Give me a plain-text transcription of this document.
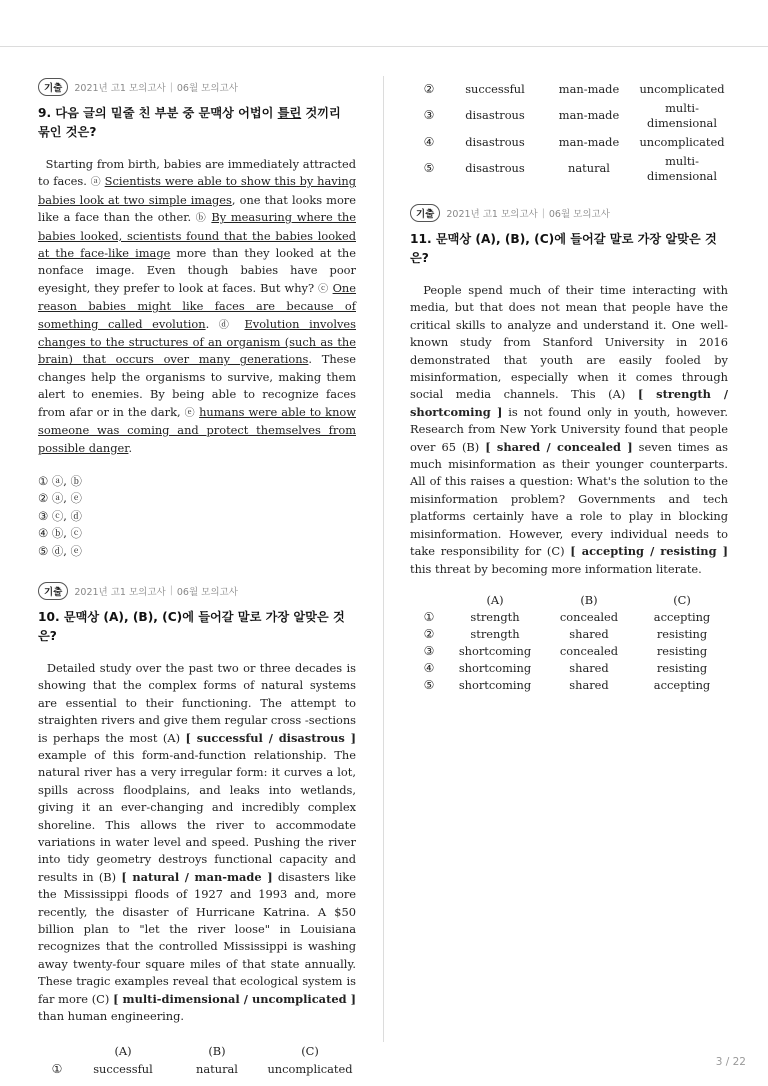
기출	2021년 고1 모의고사 | 06월 모의고사
9. 다음 글의 밑줄 친 부분 중 문맥상 어법이 틀린 것끼리 묶인 것은?

Starting from birth, babies are immediately attracted to faces. ⓐ Scientists were able to show this by having babies look at two simple images, one that looks more like a face than the other. ⓑ By measuring where the babies looked, scientists found that the babies looked at the face-like image more than they looked at the nonface image. Even though babies have poor eyesight, they prefer to look at faces. But why? ⓒ One reason babies might like faces are because of something called evolution. ⓓ Evolution involves changes to the structures of an organism (such as the brain) that occurs over many generations. These changes help the organisms to survive, making them alert to enemies. By being able to recognize faces from afar or in the dark, ⓔ humans were able to know someone was coming and protect themselves from possible danger.

① ⓐ, ⓑ
② ⓐ, ⓔ
③ ⓒ, ⓓ
④ ⓑ, ⓒ
⑤ ⓓ, ⓔ
기출	2021년 고1 모의고사 | 06월 모의고사
10. 문맥상 (A), (B), (C)에 들어갈 말로 가장 알맞은 것은?

Detailed study over the past two or three decades is showing that the complex forms of natural systems are essential to their functioning. The attempt to straighten rivers and give them regular cross -sections is perhaps the most (A) [ successful / disastrous ] example of this form-and-function relationship. The natural river has a very irregular form: it curves a lot, spills across floodplains, and leaks into wetlands, giving it an ever-changing and incredibly complex shoreline. This allows the river to accommodate variations in water level and speed. Pushing the river into tidy geometry destroys functional capacity and results in (B) [ natural / man-made ] disasters like the Mississippi floods of 1927 and 1993 and, more recently, the disaster of Hurricane Katrina. A $50 billion plan to "let the river loose" in Louisiana recognizes that the controlled Mississippi is washing away twenty-four square miles of that state annually. These tragic examples reveal that ecological system is far more (C) [ multi-dimensional / uncomplicated ] than human engineering.

	(A)	(B)	(C)
①	successful	natural	uncomplicated
②	successful	man-made	uncomplicated
③	disastrous	man-made	multi-dimensional
④	disastrous	man-made	uncomplicated
⑤	disastrous	natural	multi-dimensional
기출	2021년 고1 모의고사 | 06월 모의고사
11. 문맥상 (A), (B), (C)에 들어갈 말로 가장 알맞은 것은?

People spend much of their time interacting with media, but that does not mean that people have the critical skills to analyze and understand it. One well-known study from Stanford University in 2016 demonstrated that youth are easily fooled by misinformation, especially when it comes through social media channels. This (A) [ strength / shortcoming ] is not found only in youth, however. Research from New York University found that people over 65 (B) [ shared / concealed ] seven times as much misinformation as their younger counterparts. All of this raises a question: What's the solution to the misinformation problem? Governments and tech platforms certainly have a role to play in blocking misinformation. However, every individual needs to take responsibility for (C) [ accepting / resisting ] this threat by becoming more information literate.

	(A)	(B)	(C)
①	strength	concealed	accepting
②	strength	shared	resisting
③	shortcoming	concealed	resisting
④	shortcoming	shared	resisting
⑤	shortcoming	shared	accepting
3 / 22
